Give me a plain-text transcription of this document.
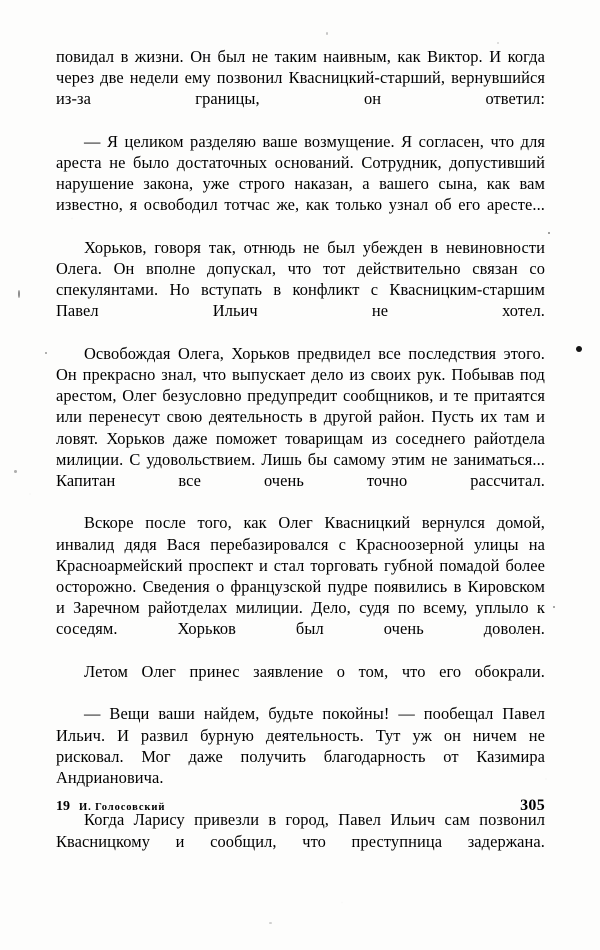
повидал в жизни. Он был не таким наивным, как Виктор. И когда через две недели ему позвонил Квасницкий-старший, вернувшийся из-за границы, он ответил:

— Я целиком разделяю ваше возмущение. Я согласен, что для ареста не было достаточных оснований. Сотрудник, допустивший нарушение закона, уже строго наказан, а вашего сына, как вам известно, я освободил тотчас же, как только узнал об его аресте...

Хорьков, говоря так, отнюдь не был убежден в невиновности Олега. Он вполне допускал, что тот действительно связан со спекулянтами. Но вступать в конфликт с Квасницким-старшим Павел Ильич не хотел.

Освобождая Олега, Хорьков предвидел все последствия этого. Он прекрасно знал, что выпускает дело из своих рук. Побывав под арестом, Олег безусловно предупредит сообщников, и те притаятся или перенесут свою деятельность в другой район. Пусть их там и ловят. Хорьков даже поможет товарищам из соседнего райотдела милиции. С удовольствием. Лишь бы самому этим не заниматься... Капитан все очень точно рассчитал.

Вскоре после того, как Олег Квасницкий вернулся домой, инвалид дядя Вася перебазировался с Красноозерной улицы на Красноармейский проспект и стал торговать губной помадой более осторожно. Сведения о французской пудре появились в Кировском и Заречном райотделах милиции. Дело, судя по всему, уплыло к соседям. Хорьков был очень доволен.

Летом Олег принес заявление о том, что его обокрали.

— Вещи ваши найдем, будьте покойны! — пообещал Павел Ильич. И развил бурную деятельность. Тут уж он ничем не рисковал. Мог даже получить благодарность от Казимира Андриановича.

Когда Ларису привезли в город, Павел Ильич сам позвонил Квасницкому и сообщил, что преступница задержана.

19 И. Голосовский	305
